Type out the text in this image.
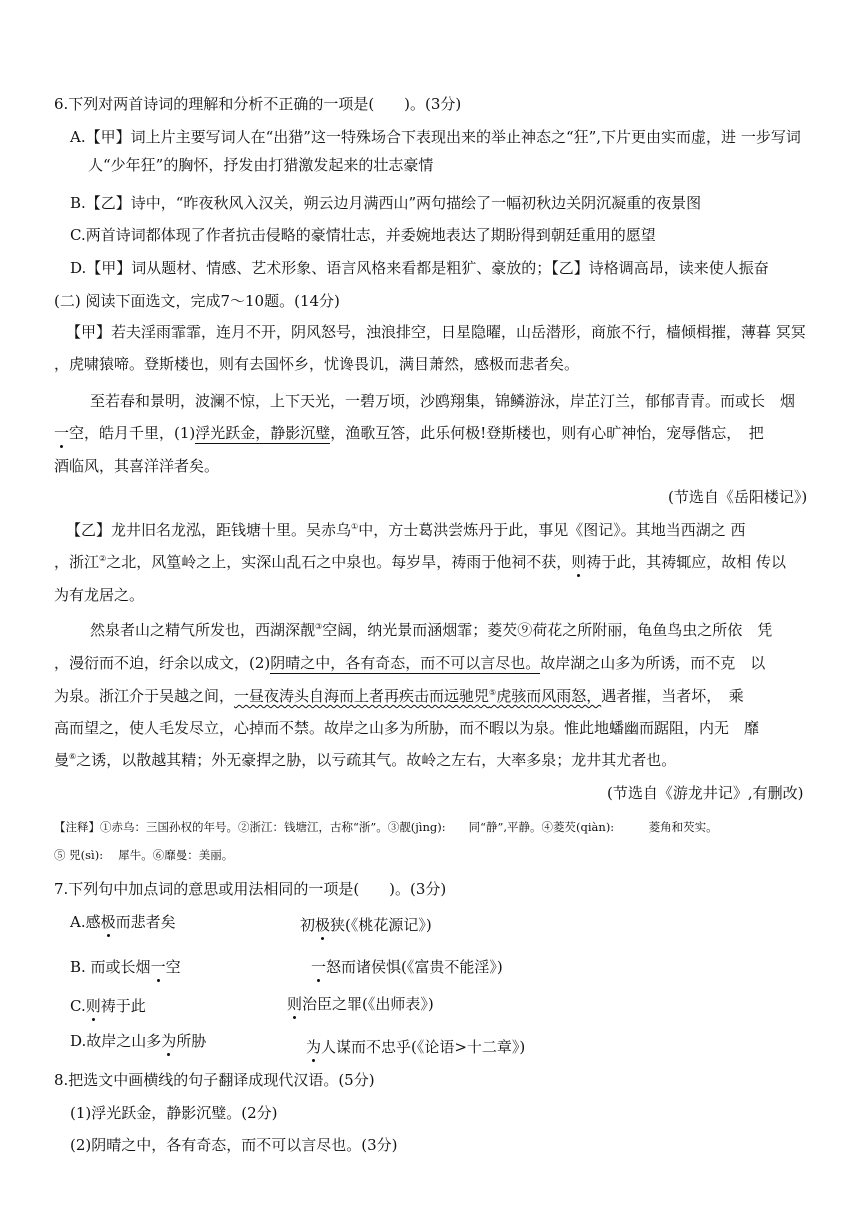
6.下列对两首诗词的理解和分析不正确的一项是(　　)。(3分)
A.【甲】词上片主要写词人在“出猎”这一特殊场合下表现出来的举止神态之“狂”,下片更由实而虚，进 一步写词
人“少年狂”的胸怀，抒发由打猎激发起来的壮志豪情
B.【乙】诗中，“昨夜秋风入汉关，朔云边月满西山”两句描绘了一幅初秋边关阴沉凝重的夜景图
C.两首诗词都体现了作者抗击侵略的豪情壮志，并委婉地表达了期盼得到朝廷重用的愿望
D.【甲】词从题材、情感、艺术形象、语言风格来看都是粗犷、豪放的；【乙】诗格调高昂，读来使人振奋
(二) 阅读下面选文，完成7～10题。(14分)
【甲】若夫淫雨霏霏，连月不开，阴风怒号，浊浪排空，日星隐曜，山岳潜形，商旅不行，樯倾楫摧，薄暮 冥冥
，虎啸猿啼。登斯楼也，则有去国怀乡，忧谗畏讥，满目萧然，感极而悲者矣。
至若春和景明，波澜不惊，上下天光，一碧万顷，沙鸥翔集，锦鳞游泳，岸芷汀兰，郁郁青青。而或长　烟
一空，皓月千里，(1)浮光跃金，静影沉璧，渔歌互答，此乐何极!登斯楼也，则有心旷神怡，宠辱偕忘，　把
酒临风，其喜洋洋者矣。
(节选自《岳阳楼记》)
【乙】龙井旧名龙泓，距钱塘十里。吴赤乌①中，方士葛洪尝炼丹于此，事见《图记》。其地当西湖之 西
，浙江②之北，风篁岭之上，实深山乱石之中泉也。每岁旱，祷雨于他祠不获，则祷于此，其祷辄应，故相 传以
为有龙居之。
然泉者山之精气所发也，西湖深靓③空阔，纳光景而涵烟霏；菱芡⑨荷花之所附丽，龟鱼鸟虫之所依　凭
，漫衍而不迫，纡余以成文，(2)阴晴之中，各有奇态，而不可以言尽也。故岸湖之山多为所诱，而不克　以
为泉。浙江介于吴越之间，一昼夜涛头自海而上者再疾击而远驰兕⑤虎骇而风雨怒，遇者摧，当者坏，　乘
高而望之，使人毛发尽立，心掉而不禁。故岸之山多为所胁，而不暇以为泉。惟此地蟠幽而踞阻，内无　靡
曼⑥之诱，以散越其精；外无豪捍之胁，以亏疏其气。故岭之左右，大率多泉；龙井其尤者也。
(节选自《游龙井记》,有删改)
【注释】①赤乌：三国孙权的年号。②浙江：钱塘江，古称“浙”。③靓(jìng):　　同“静”,平静。④菱芡(qiàn):　　　菱角和芡实。
⑤ 兕(sì):　 犀牛。⑥靡曼：美丽。
7.下列句中加点词的意思或用法相同的一项是(　　)。(3分)
A.感极而悲者矣	初极狭(《桃花源记》)
B. 而或长烟一空	一怒而诸侯惧(《富贵不能淫》)
C.则祷于此	则治臣之罪(《出师表》)
D.故岸之山多为所胁	为人谋而不忠乎(《论语>十二章》)
8.把选文中画横线的句子翻译成现代汉语。(5分)
(1)浮光跃金，静影沉璧。(2分)
(2)阴晴之中，各有奇态，而不可以言尽也。(3分)
